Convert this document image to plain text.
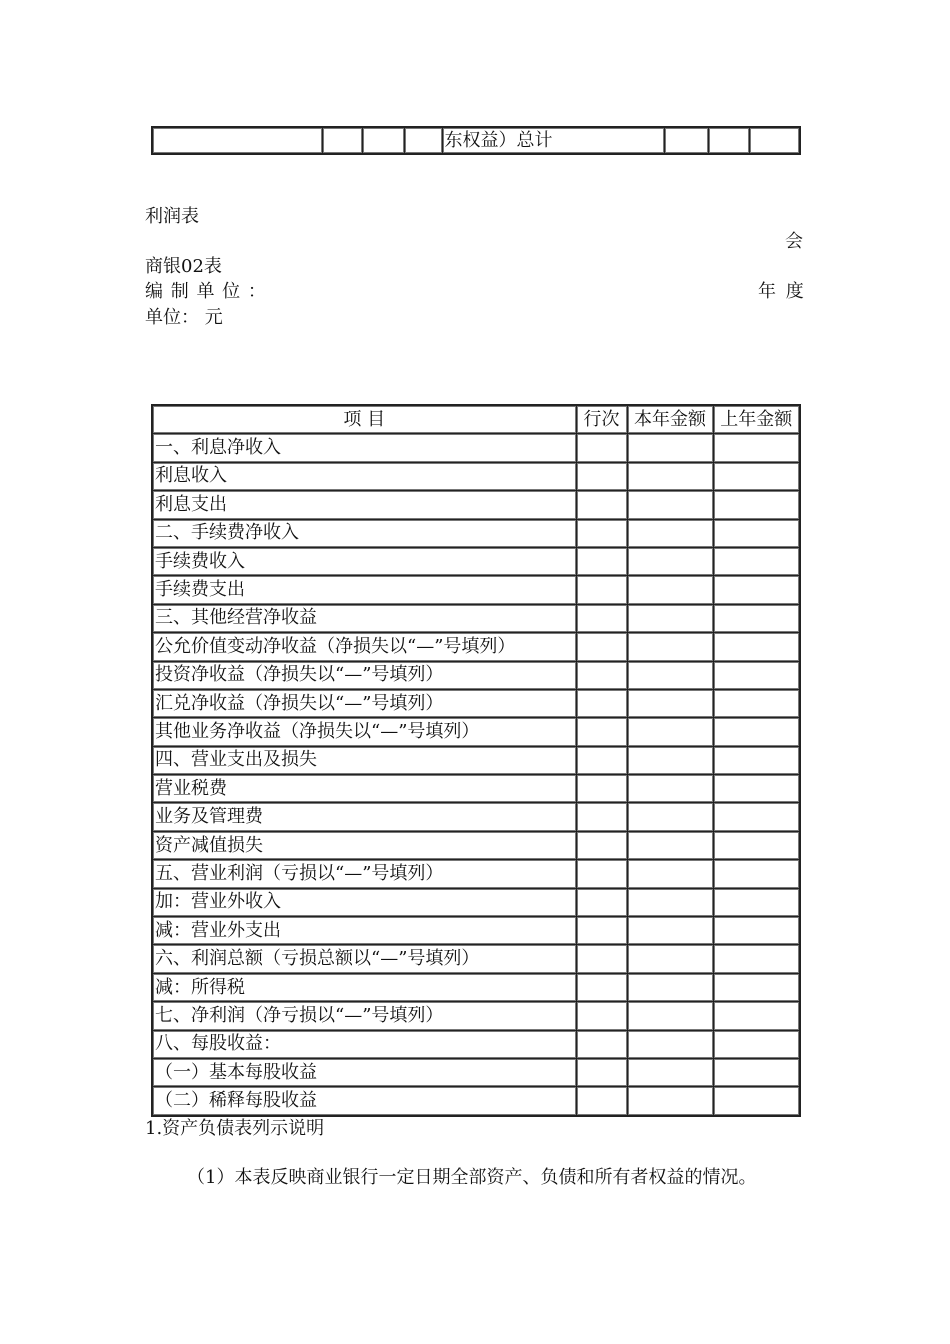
				东权益）总计			
利润表
会
商银02表
编 制 单 位 ：	年 度
单位： 元
项 目	行次	本年金额	上年金额
一、利息净收入			
利息收入			
利息支出			
二、手续费净收入			
手续费收入			
手续费支出			
三、其他经营净收益			
公允价值变动净收益（净损失以“—”号填列）			
投资净收益（净损失以“—”号填列）			
汇兑净收益（净损失以“—”号填列）			
其他业务净收益（净损失以“—”号填列）			
四、营业支出及损失			
营业税费			
业务及管理费			
资产减值损失			
五、营业利润（亏损以“—”号填列）			
加：营业外收入			
减：营业外支出			
六、利润总额（亏损总额以“—”号填列）			
减：所得税			
七、净利润（净亏损以“—”号填列）			
八、每股收益：			
（一）基本每股收益			
（二）稀释每股收益			
1.资产负债表列示说明
（1）本表反映商业银行一定日期全部资产、负债和所有者权益的情况。
